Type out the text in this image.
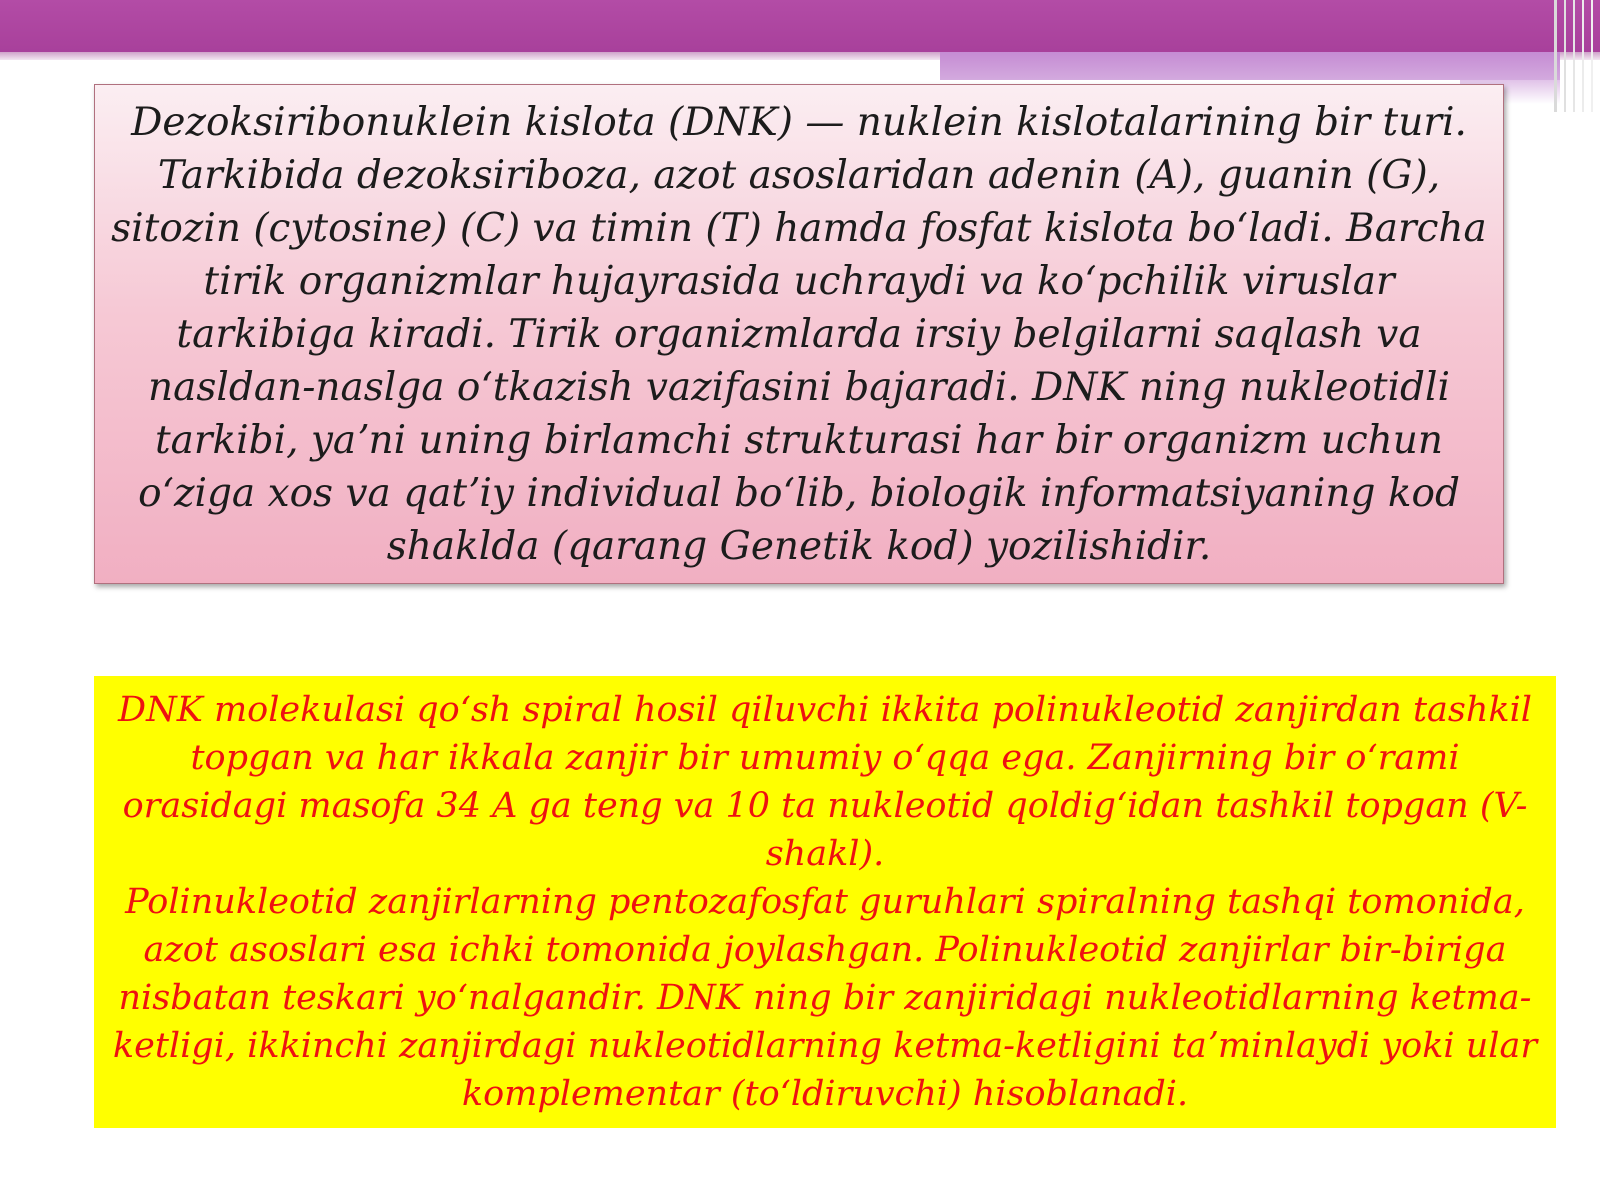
Dezoksiribonuklein kislota (DNK) — nuklein kislotalarining bir turi. Tarkibida dezoksiriboza, azot asoslaridan adenin (A), guanin (G), sitozin (cytosine) (C) va timin (T) hamda fosfat kislota boʻladi. Barcha tirik organizmlar hujayrasida uchraydi va koʻpchilik viruslar tarkibiga kiradi. Tirik organizmlarda irsiy belgilarni saqlash va nasldan-naslga oʻtkazish vazifasini bajaradi. DNK ning nukleotidli tarkibi, yaʼni uning birlamchi strukturasi har bir organizm uchun oʻziga xos va qatʼiy individual boʻlib, biologik informatsiyaning kod shaklda (qarang Genetik kod) yozilishidir.

DNK molekulasi qoʻsh spiral hosil qiluvchi ikkita polinukleotid zanjirdan tashkil topgan va har ikkala zanjir bir umumiy oʻqqa ega. Zanjirning bir oʻrami orasidagi masofa 34 A ga teng va 10 ta nukleotid qoldigʻidan tashkil topgan (V-shakl).
Polinukleotid zanjirlarning pentozafosfat guruhlari spiralning tashqi tomonida, azot asoslari esa ichki tomonida joylashgan. Polinukleotid zanjirlar bir-biriga nisbatan teskari yoʻnalgandir. DNK ning bir zanjiridagi nukleotidlarning ketma-ketligi, ikkinchi zanjirdagi nukleotidlarning ketma-ketligini taʼminlaydi yoki ular komplementar (toʻldiruvchi) hisoblanadi.
